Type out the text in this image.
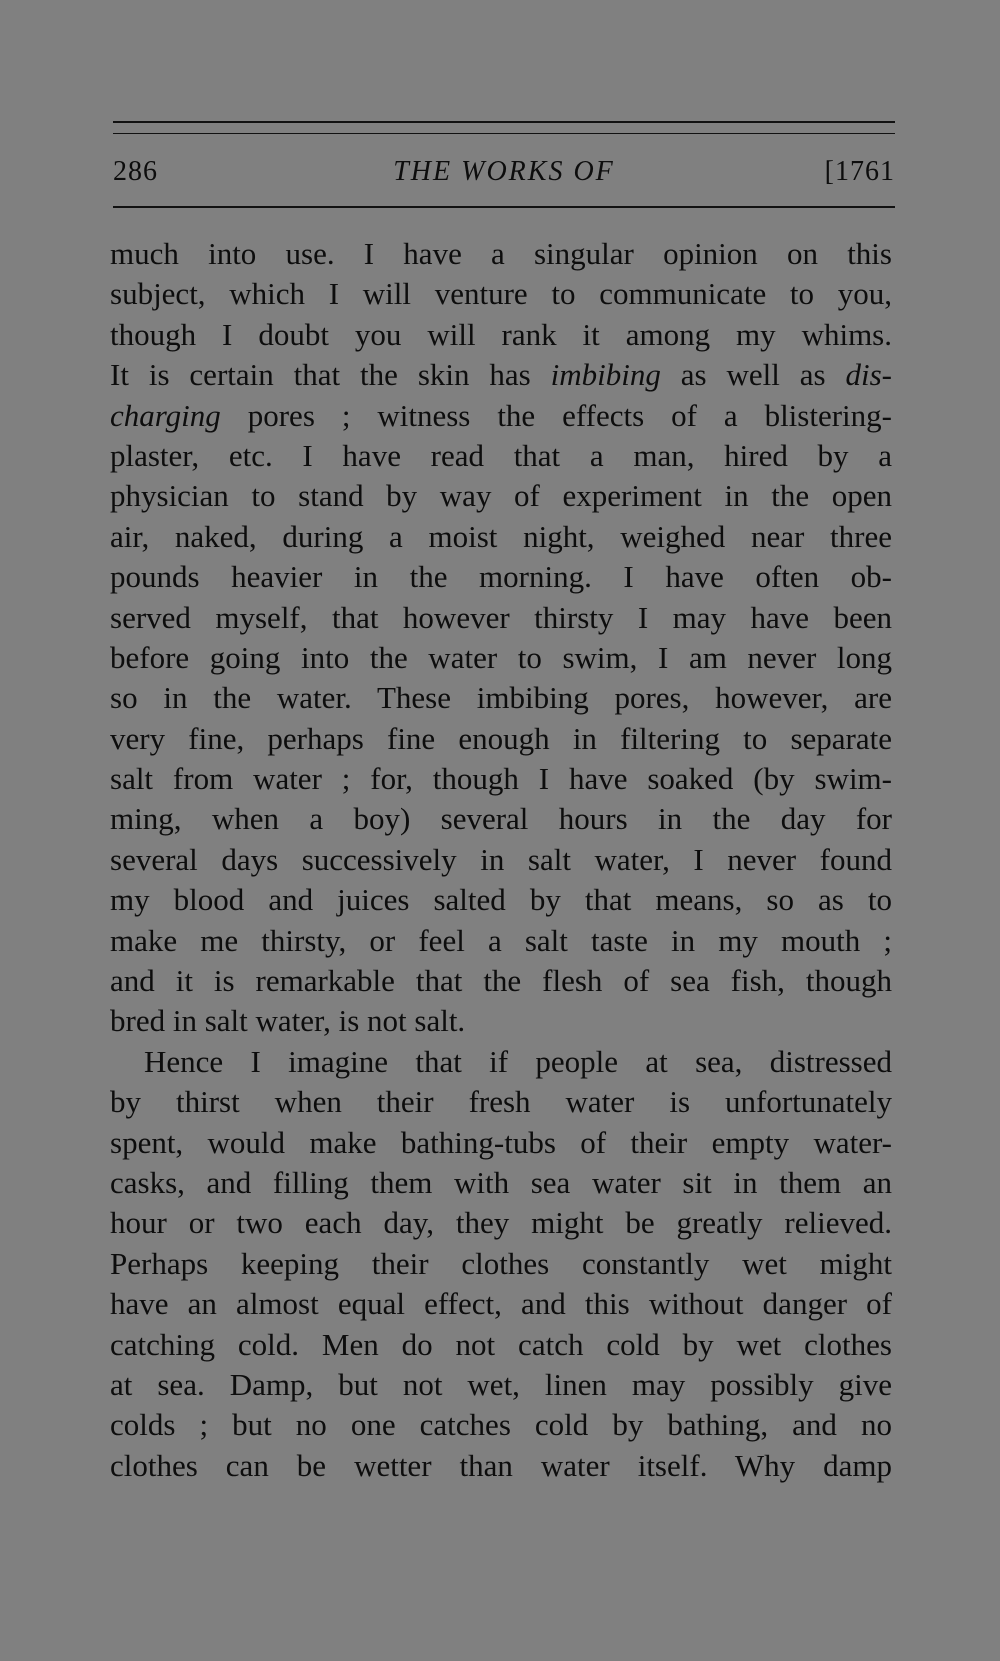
286	THE WORKS OF	[1761
much into use. I have a singular opinion on this
subject, which I will venture to communicate to you,
though I doubt you will rank it among my whims.
It is certain that the skin has imbibing as well as dis-
charging pores ; witness the effects of a blistering-
plaster, etc. I have read that a man, hired by a
physician to stand by way of experiment in the open
air, naked, during a moist night, weighed near three
pounds heavier in the morning. I have often ob-
served myself, that however thirsty I may have been
before going into the water to swim, I am never long
so in the water. These imbibing pores, however, are
very fine, perhaps fine enough in filtering to separate
salt from water ; for, though I have soaked (by swim-
ming, when a boy) several hours in the day for
several days successively in salt water, I never found
my blood and juices salted by that means, so as to
make me thirsty, or feel a salt taste in my mouth ;
and it is remarkable that the flesh of sea fish, though
bred in salt water, is not salt.
Hence I imagine that if people at sea, distressed
by thirst when their fresh water is unfortunately
spent, would make bathing-tubs of their empty water-
casks, and filling them with sea water sit in them an
hour or two each day, they might be greatly relieved.
Perhaps keeping their clothes constantly wet might
have an almost equal effect, and this without danger of
catching cold. Men do not catch cold by wet clothes
at sea. Damp, but not wet, linen may possibly give
colds ; but no one catches cold by bathing, and no
clothes can be wetter than water itself. Why damp
